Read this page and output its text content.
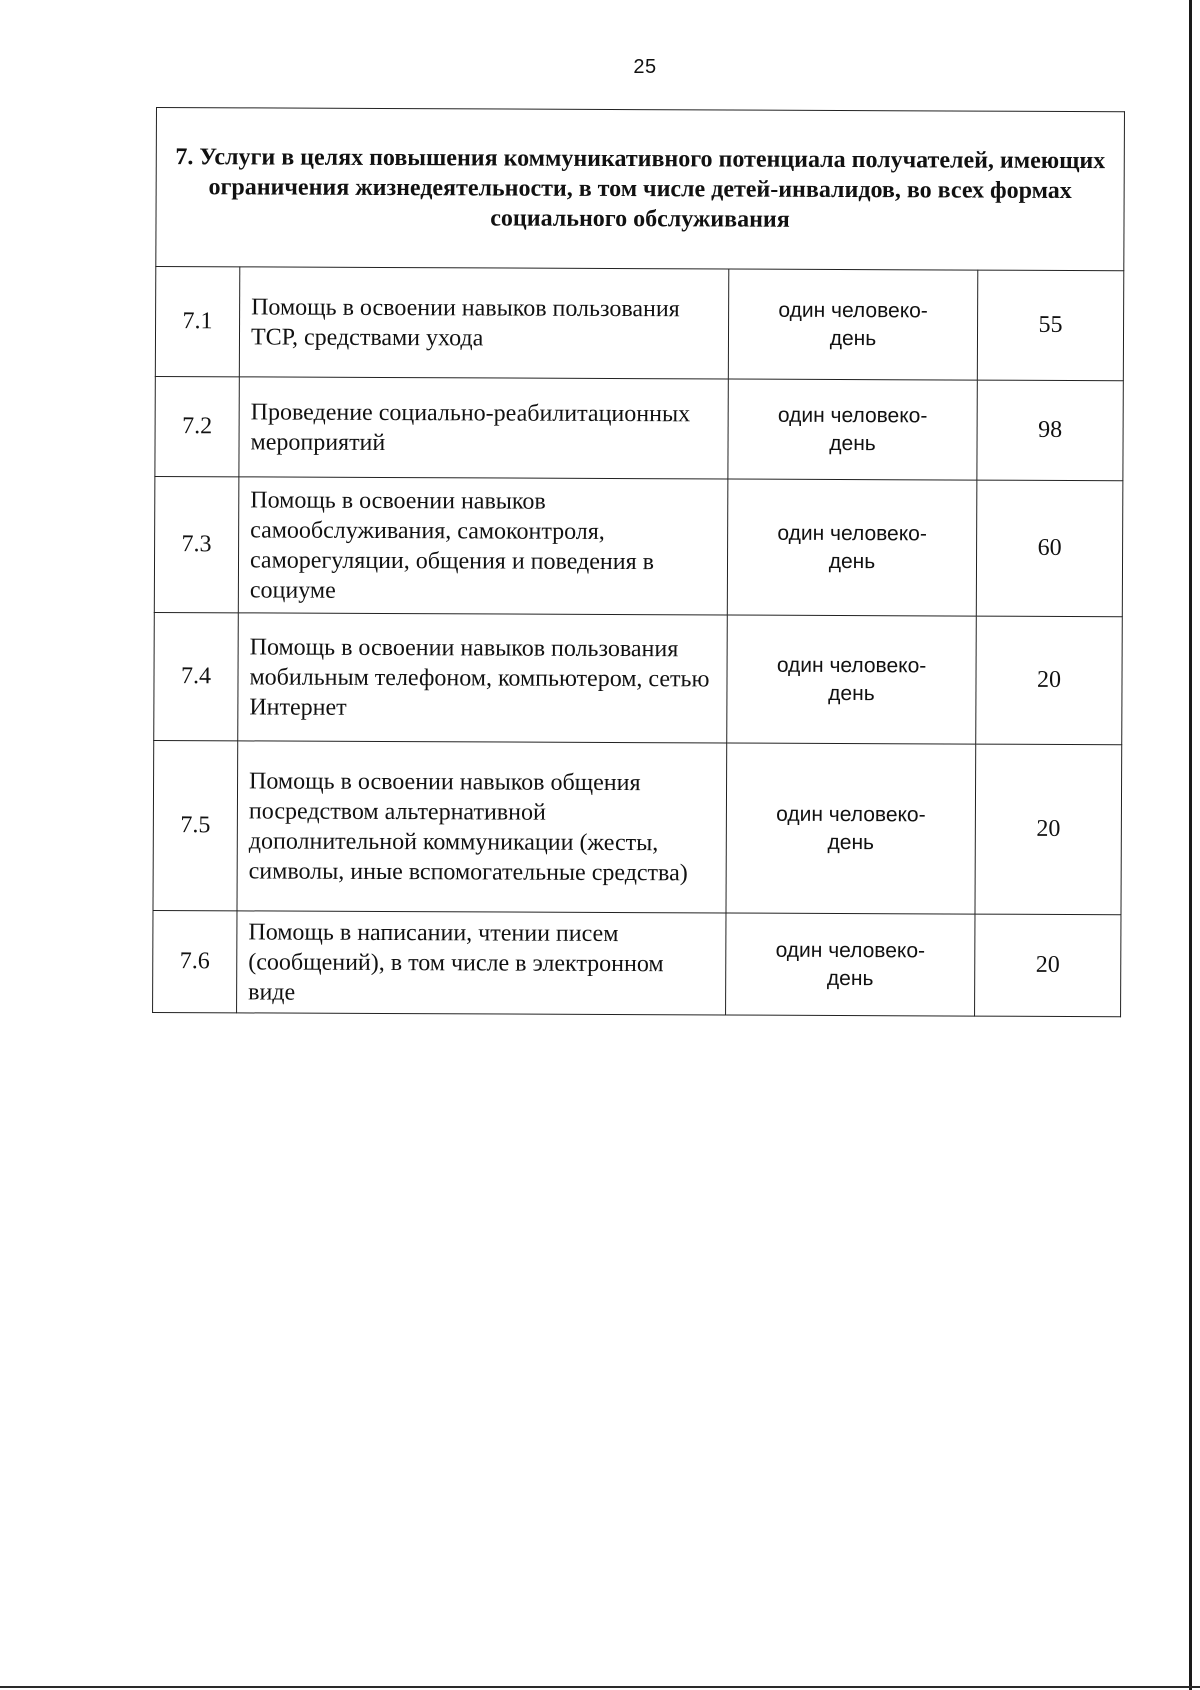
25
7. Услуги в целях повышения коммуникативного потенциала получателей, имеющих ограничения жизнедеятельности, в том числе детей-инвалидов, во всех формах социального обслуживания			
7.1	Помощь в освоении навыков пользования ТСР, средствами ухода	один человеко-день	55
7.2	Проведение социально-реабилитационных мероприятий	один человеко-день	98
7.3	Помощь в освоении навыков самообслуживания, самоконтроля, саморегуляции, общения и поведения в социуме	один человеко-день	60
7.4	Помощь в освоении навыков пользования мобильным телефоном, компьютером, сетью Интернет	один человеко-день	20
7.5	Помощь в освоении навыков общения посредством альтернативной дополнительной коммуникации (жесты, символы, иные вспомогательные средства)	один человеко-день	20
7.6	Помощь в написании, чтении писем (сообщений), в том числе в электронном виде	один человеко-день	20
